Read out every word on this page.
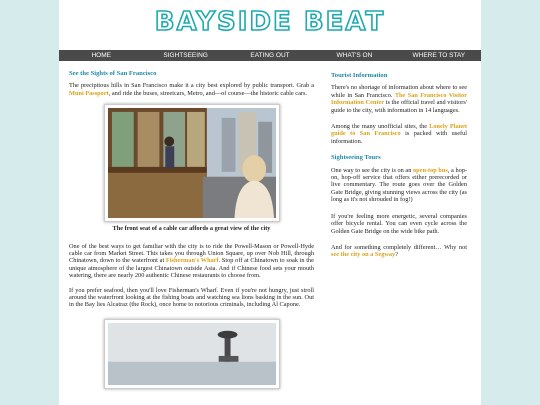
BAYSIDE BEAT
HOME	SIGHTSEEING	EATING OUT	WHAT'S ON	WHERE TO STAY
See the Sights of San Francisco

The precipitous hills in San Francisco make it a city best explored by public transport. Grab a Muni Passport, and ride the buses, streetcars, Metro, and—of course—the historic cable cars.

The front seat of a cable car affords a great view of the city

One of the best ways to get familiar with the city is to ride the Powell-Mason or Powell-Hyde cable car from Market Street. This takes you through Union Square, up over Nob Hill, through Chinatown, down to the waterfront at Fisherman's Wharf. Stop off at Chinatown to soak in the unique atmosphere of the largest Chinatown outside Asia. And if Chinese food sets your mouth watering, there are nearly 200 authentic Chinese restaurants to choose from.

If you prefer seafood, then you'll love Fisherman's Wharf. Even if you're not hungry, just stroll around the waterfront looking at the fishing boats and watching sea lions basking in the sun. Out in the Bay lies Alcatraz (the Rock), once home to notorious criminals, including Al Capone.

Tourist Information

There's no shortage of information about where to see while in San Francisco. The San Francisco Visitor Information Center is the official travel and visitors' guide to the city, with information in 14 languages.

Among the many unofficial sites, the Lonely Planet guide to San Francisco is packed with useful information.

Sightseeing Tours

One way to see the city is on an open-top bus, a hop-on, hop-off service that offers either prerecorded or live commentary. The route goes over the Golden Gate Bridge, giving stunning views across the city (as long as it's not shrouded in fog!)

If you're feeling more energetic, several companies offer bicycle rental. You can even cycle across the Golden Gate Bridge on the wide bike path.

And for something completely different… Why not see the city on a Segway?
